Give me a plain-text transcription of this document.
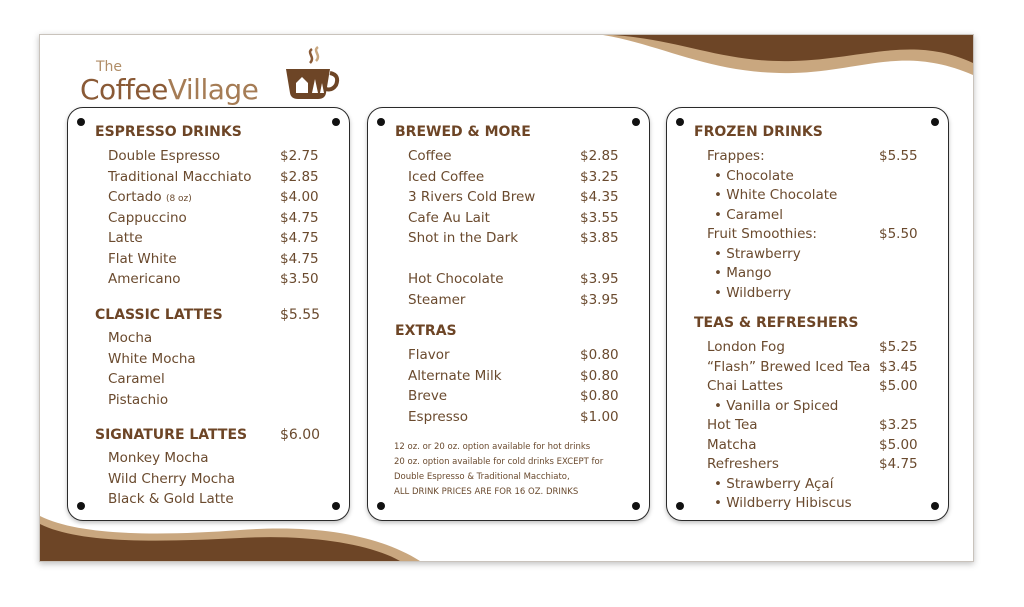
The
CoffeeVillage
ESPRESSO DRINKS
Double Espresso	$2.75
Traditional Macchiato $2.85
Cortado (8 oz)	$4.00
Cappuccino	$4.75
Latte	$4.75
Flat White	$4.75
Americano	$3.50
CLASSIC LATTES	$5.55
Mocha
White Mocha
Caramel
Pistachio
SIGNATURE LATTES $6.00
Monkey Mocha
Wild Cherry Mocha
Black & Gold Latte
BREWED & MORE
Coffee	$2.85
Iced Coffee	$3.25
3 Rivers Cold Brew	$4.35
Cafe Au Lait	$3.55
Shot in the Dark	$3.85
Hot Chocolate	$3.95
Steamer	$3.95
EXTRAS
Flavor	$0.80
Alternate Milk	$0.80
Breve	$0.80
Espresso	$1.00
12 oz. or 20 oz. option available for hot drinks
20 oz. option available for cold drinks EXCEPT for
Double Espresso & Traditional Macchiato,
ALL DRINK PRICES ARE FOR 16 OZ. DRINKS
FROZEN DRINKS
Frappes:	$5.55
• Chocolate
• White Chocolate
• Caramel
Fruit Smoothies:	$5.50
• Strawberry
• Mango
• Wildberry
TEAS & REFRESHERS
London Fog	$5.25
“Flash” Brewed Iced Tea $3.45
Chai Lattes	$5.00
• Vanilla or Spiced
Hot Tea	$3.25
Matcha	$5.00
Refreshers	$4.75
• Strawberry Açaí
• Wildberry Hibiscus
